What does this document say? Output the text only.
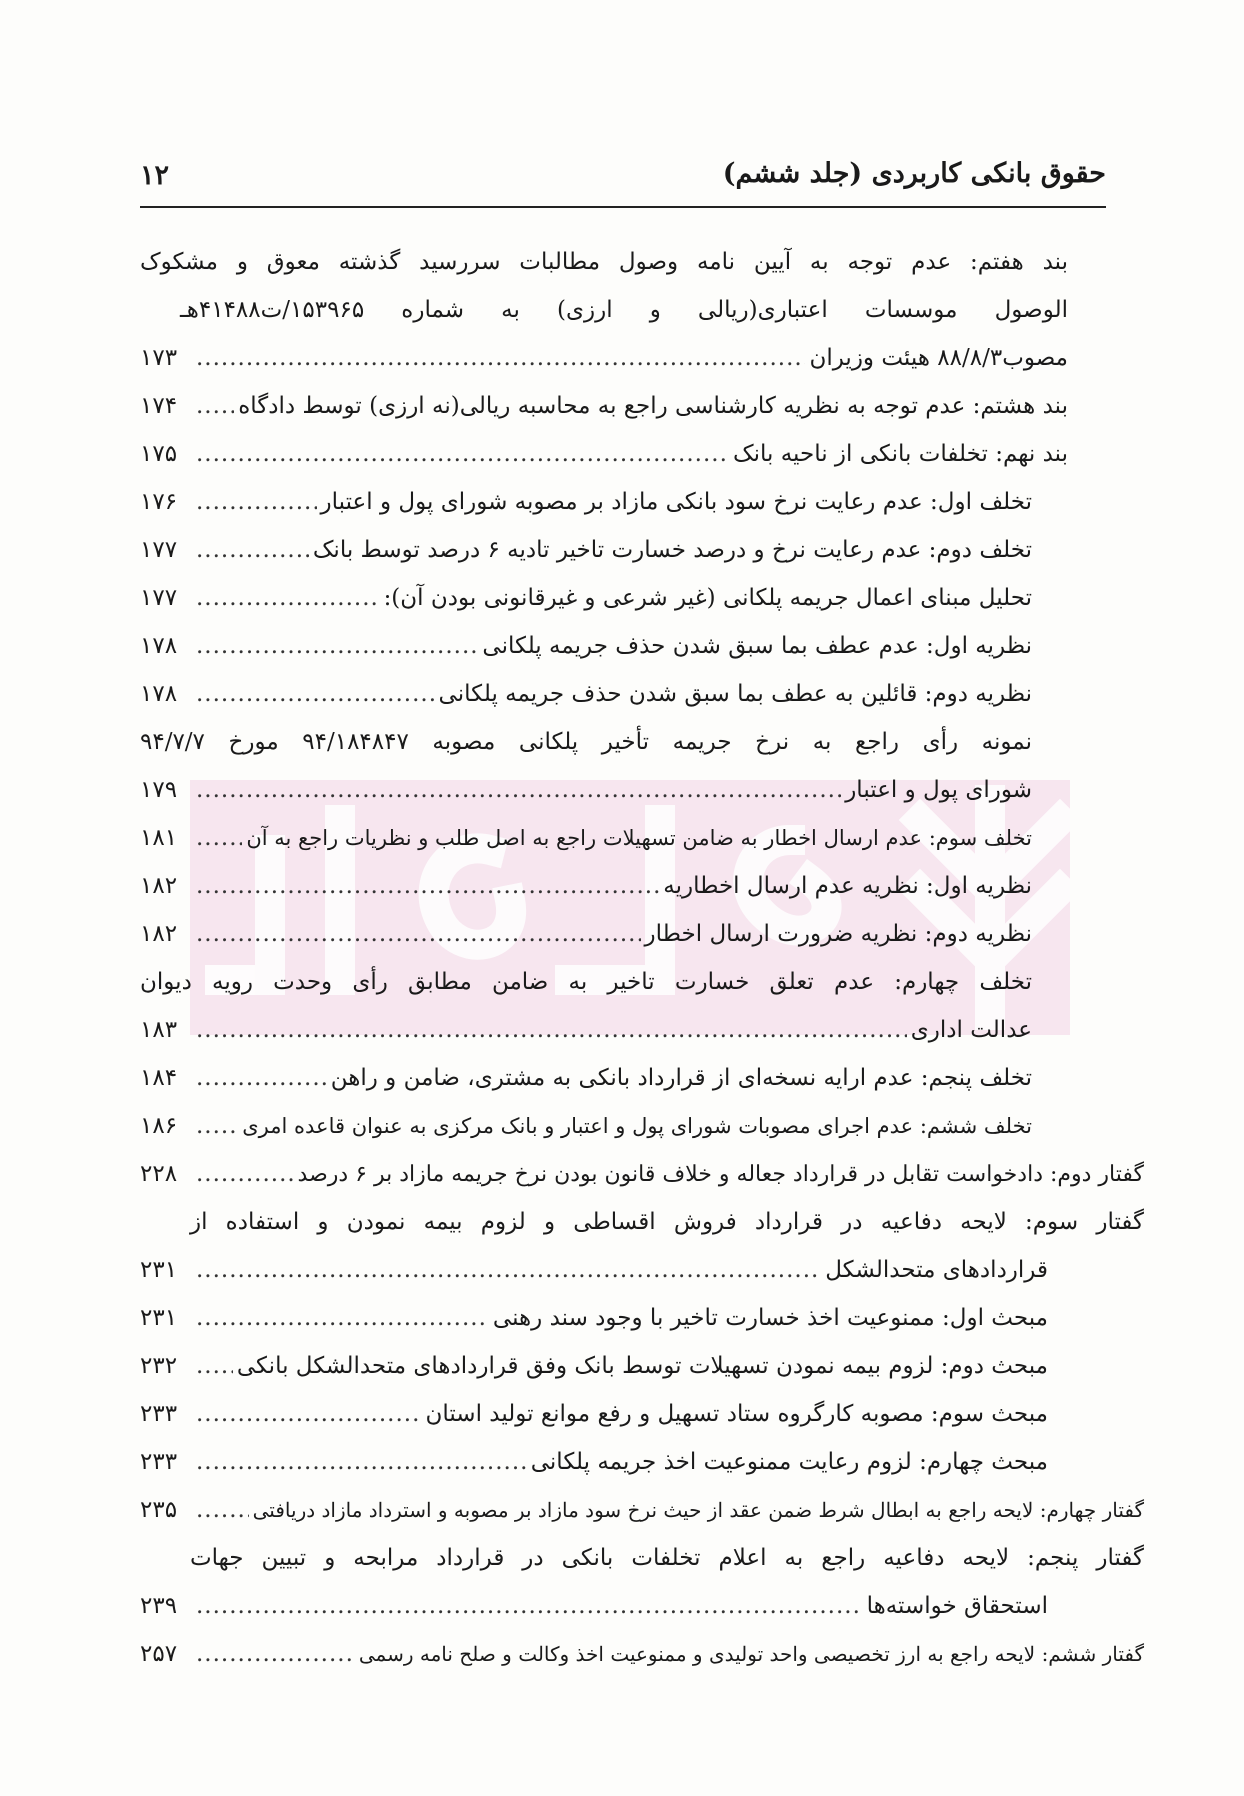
حقوق بانکی کاربردی (جلد ششم)
۱۲
بند هفتم: عدم توجه به آیین نامه وصول مطالبات سررسید گذشته معوق و مشکوک
الوصول موسسات اعتباری(ریالی و ارزی) به شماره ۱۵۳۹۶۵/ت۴۱۴۸۸هـ
مصوب۸۸/۸/۳ هیئت وزیران
.....
۱۷۳
بند هشتم: عدم توجه به نظریه کارشناسی راجع به محاسبه ریالی(نه ارزی) توسط دادگاه
.....
۱۷۴
بند نهم: تخلفات بانکی از ناحیه بانک
.....
۱۷۵
تخلف اول: عدم رعایت نرخ سود بانکی مازاد بر مصوبه شورای پول و اعتبار
.....
۱۷۶
تخلف دوم: عدم رعایت نرخ و درصد خسارت تاخیر تادیه ۶ درصد توسط بانک
.....
۱۷۷
تحلیل مبنای اعمال جریمه پلکانی (غیر شرعی و غیرقانونی بودن آن):
.....
۱۷۷
نظریه اول: عدم عطف بما سبق شدن حذف جریمه پلکانی
.....
۱۷۸
نظریه دوم: قائلین به عطف بما سبق شدن حذف جریمه پلکانی
.....
۱۷۸
نمونه رأی راجع به نرخ جریمه تأخیر پلکانی مصوبه ۹۴/۱۸۴۸۴۷ مورخ ۹۴/۷/۷
شورای پول و اعتبار
.....
۱۷۹
تخلف سوم: عدم ارسال اخطار به ضامن تسهیلات راجع به اصل طلب و نظریات راجع به آن
.....
۱۸۱
نظریه اول: نظریه عدم ارسال اخطاریه
.....
۱۸۲
نظریه دوم: نظریه ضرورت ارسال اخطار
.....
۱۸۲
تخلف چهارم: عدم تعلق خسارت تاخیر به ضامن مطابق رأی وحدت رویه دیوان
عدالت اداری
.....
۱۸۳
تخلف پنجم: عدم ارایه نسخه‌ای از قرارداد بانکی به مشتری، ضامن و راهن
.....
۱۸۴
تخلف ششم: عدم اجرای مصوبات شورای پول و اعتبار و بانک مرکزی به عنوان قاعده امری
.....
۱۸۶
گفتار دوم: دادخواست تقابل در قرارداد جعاله و خلاف قانون بودن نرخ جریمه مازاد بر ۶ درصد
.....
۲۲۸
گفتار سوم: لایحه دفاعیه در قرارداد فروش اقساطی و لزوم بیمه نمودن و استفاده از
قراردادهای متحدالشکل
.....
۲۳۱
مبحث اول: ممنوعیت اخذ خسارت تاخیر با وجود سند رهنی
.....
۲۳۱
مبحث دوم: لزوم بیمه نمودن تسهیلات توسط بانک وفق قراردادهای متحدالشکل بانکی
.....
۲۳۲
مبحث سوم: مصوبه کارگروه ستاد تسهیل و رفع موانع تولید استان
.....
۲۳۳
مبحث چهارم: لزوم رعایت ممنوعیت اخذ جریمه پلکانی
.....
۲۳۳
گفتار چهارم: لایحه راجع به ابطال شرط ضمن عقد از حیث نرخ سود مازاد بر مصوبه و استرداد مازاد دریافتی
.....
۲۳۵
گفتار پنجم: لایحه دفاعیه راجع به اعلام تخلفات بانکی در قرارداد مرابحه و تبیین جهات
استحقاق خواسته‌ها
.....
۲۳۹
گفتار ششم: لایحه راجع به ارز تخصیصی واحد تولیدی و ممنوعیت اخذ وکالت و صلح نامه رسمی
.....
۲۵۷
